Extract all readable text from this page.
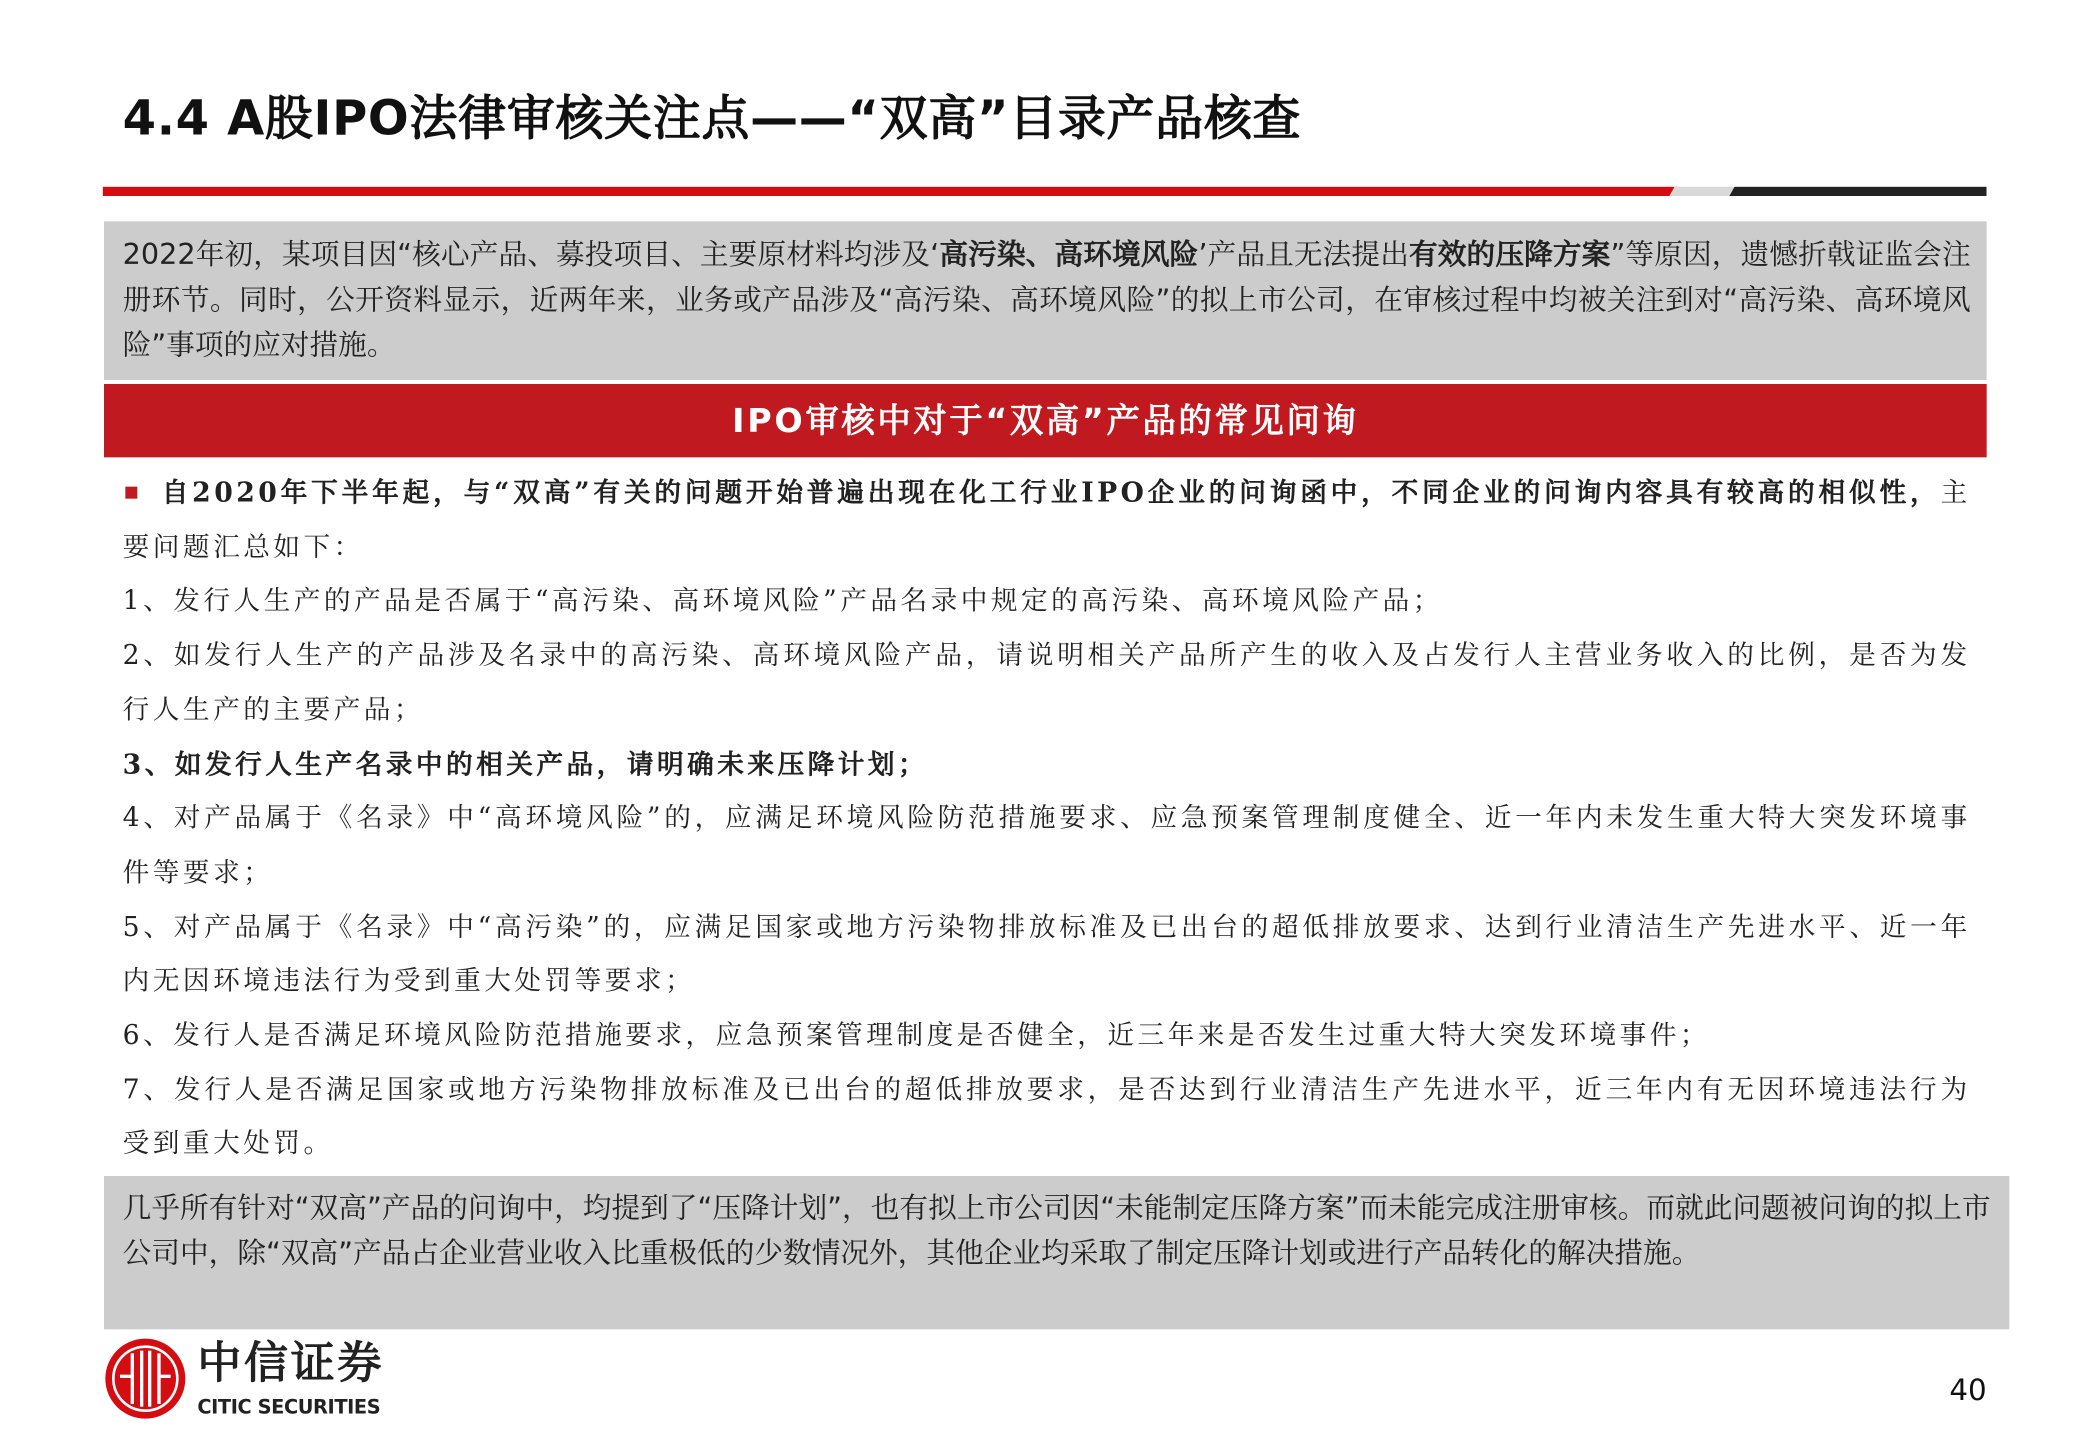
4.4 A股IPO法律审核关注点——“双高”目录产品核查
2022年初，某项目因“核心产品、募投项目、主要原材料均涉及‘高污染、高环境风险’产品且无法提出有效的压降方案”等原因，遗憾折戟证监会注册环节。同时，公开资料显示，近两年来，业务或产品涉及“高污染、高环境风险”的拟上市公司，在审核过程中均被关注到对“高污染、高环境风险”事项的应对措施。
IPO审核中对于“双高”产品的常见问询

自2020年下半年起，与“双高”有关的问题开始普遍出现在化工行业IPO企业的问询函中，不同企业的问询内容具有较高的相似性，主要问题汇总如下：

1、发行人生产的产品是否属于“高污染、高环境风险”产品名录中规定的高污染、高环境风险产品；

2、如发行人生产的产品涉及名录中的高污染、高环境风险产品，请说明相关产品所产生的收入及占发行人主营业务收入的比例，是否为发行人生产的主要产品；

3、如发行人生产名录中的相关产品，请明确未来压降计划；

4、对产品属于《名录》中“高环境风险”的，应满足环境风险防范措施要求、应急预案管理制度健全、近一年内未发生重大特大突发环境事件等要求；

5、对产品属于《名录》中“高污染”的，应满足国家或地方污染物排放标准及已出台的超低排放要求、达到行业清洁生产先进水平、近一年内无因环境违法行为受到重大处罚等要求；

6、发行人是否满足环境风险防范措施要求，应急预案管理制度是否健全，近三年来是否发生过重大特大突发环境事件；

7、发行人是否满足国家或地方污染物排放标准及已出台的超低排放要求，是否达到行业清洁生产先进水平，近三年内有无因环境违法行为受到重大处罚。

几乎所有针对“双高”产品的问询中，均提到了“压降计划”，也有拟上市公司因“未能制定压降方案”而未能完成注册审核。而就此问题被问询的拟上市公司中，除“双高”产品占企业营业收入比重极低的少数情况外，其他企业均采取了制定压降计划或进行产品转化的解决措施。
中信证券
CITIC SECURITIES
40
